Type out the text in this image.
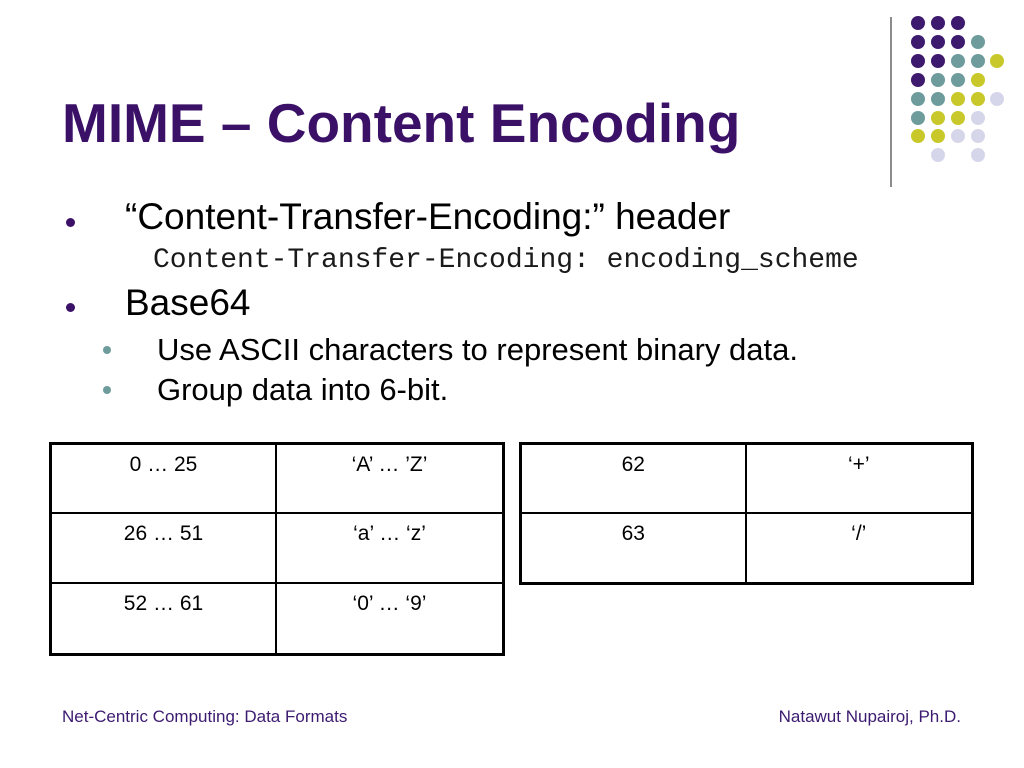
MIME – Content Encoding
“Content-Transfer-Encoding:” header
Content-Transfer-Encoding: encoding_scheme
Base64
Use ASCII characters to represent binary data.
Group data into 6-bit.
0 … 25	‘A’ … ’Z’
26 … 51	‘a’ … ‘z’
52 … 61	‘0’ … ‘9’
62	‘+’
63	‘/’
Net-Centric Computing: Data Formats	Natawut Nupairoj, Ph.D.
